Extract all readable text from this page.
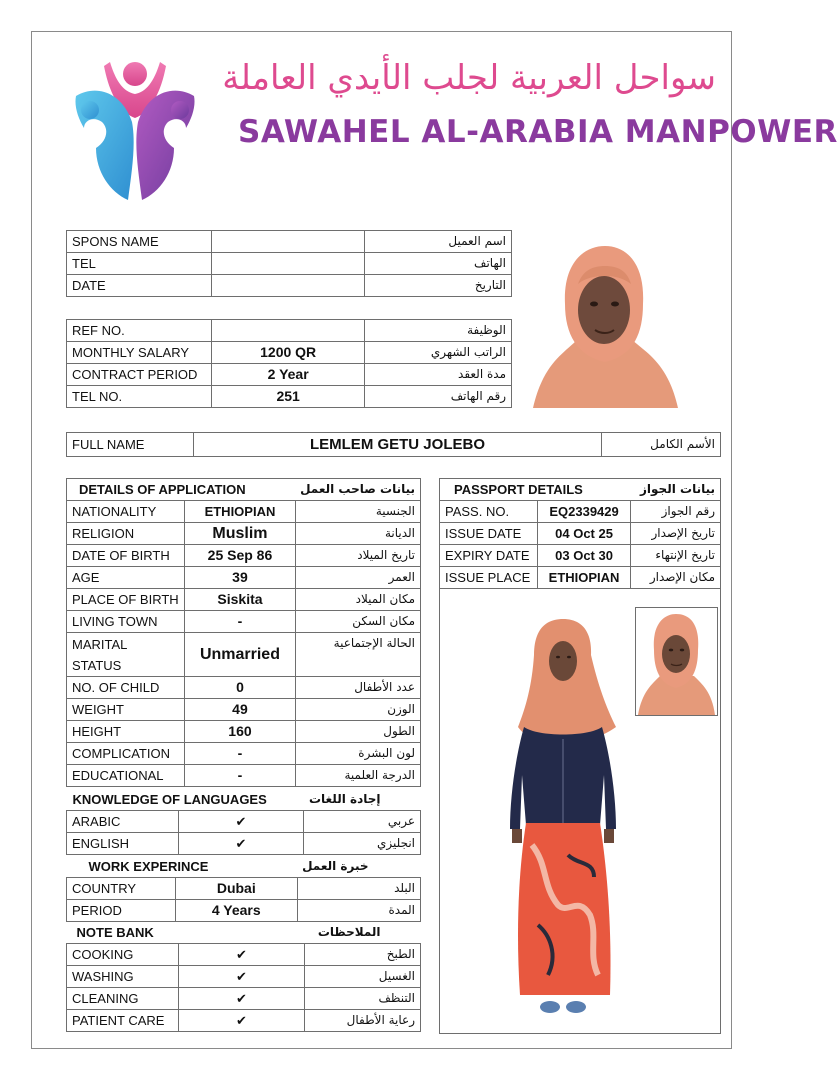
سواحل العربية لجلب الأيدي العاملة
SAWAHEL AL-ARABIA MANPOWER
SPONS NAME		اسم العميل
TEL		الهاتف
DATE		التاريخ
REF NO.		الوظيفة
MONTHLY SALARY	1200 QR	الراتب الشهري
CONTRACT PERIOD	2 Year	مدة العقد
TEL NO.	251	رقم الهاتف
FULL NAME	LEMLEM GETU JOLEBO	الأسم الكامل
DETAILS OF APPLICATION		بيانات صاحب العمل
NATIONALITY	ETHIOPIAN	الجنسية
RELIGION	Muslim	الديانة
DATE OF BIRTH	25 Sep 86	تاريخ الميلاد
AGE	39	العمر
PLACE OF BIRTH	Siskita	مكان الميلاد
LIVING TOWN	-	مكان السكن
MARITAL STATUS	Unmarried	الحالة الإجتماعية
NO. OF CHILD	0	عدد الأطفال
WEIGHT	49	الوزن
HEIGHT	160	الطول
COMPLICATION	-	لون البشرة
EDUCATIONAL	-	الدرجة العلمية
KNOWLEDGE OF LANGUAGES		إجادة اللغات
ARABIC	✔	عربي
ENGLISH	✔	انجليزي
WORK EXPERINCE		خبرة العمل
COUNTRY	Dubai	البلد
PERIOD	4 Years	المدة
NOTE BANK		الملاحظات
COOKING	✔	الطبخ
WASHING	✔	الغسيل
CLEANING	✔	التنظف
PATIENT CARE	✔	رعاية الأطفال
PASSPORT DETAILS		بيانات الجواز
PASS. NO.	EQ2339429	رقم الجواز
ISSUE DATE	04 Oct 25	تاريخ الإصدار
EXPIRY DATE	03 Oct 30	تاريخ الإنتهاء
ISSUE PLACE	ETHIOPIAN	مكان الإصدار
